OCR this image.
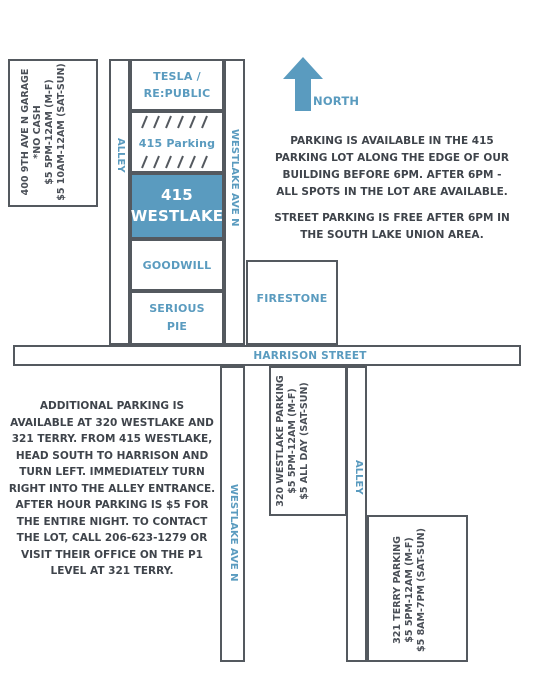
NORTH
400 9TH AVE N GARAGE *NO CASH $5 5PM-12AM (M-F) $5 10AM-12AM (SAT-SUN)	ALLEY
TESLA / RE:PUBLIC
415 Parking
415
WESTLAKE
GOODWILL
SERIOUS
PIE
WESTLAKE AVE N
FIRESTONE
PARKING IS AVAILABLE IN THE 415 PARKING LOT ALONG THE EDGE OF OUR BUILDING BEFORE 6PM. AFTER 6PM - ALL SPOTS IN THE LOT ARE AVAILABLE.
STREET PARKING IS FREE AFTER 6PM IN THE SOUTH LAKE UNION AREA.
HARRISON STREET
ADDITIONAL PARKING IS AVAILABLE AT 320 WESTLAKE AND 321 TERRY. FROM 415 WESTLAKE, HEAD SOUTH TO HARRISON AND TURN LEFT. IMMEDIATELY TURN RIGHT INTO THE ALLEY ENTRANCE. AFTER HOUR PARKING IS $5 FOR THE ENTIRE NIGHT. TO CONTACT THE LOT, CALL 206-623-1279 OR VISIT THEIR OFFICE ON THE P1 LEVEL AT 321 TERRY.	WESTLAKE AVE N
320 WESTLAKE PARKING $5 5PM-12AM (M-F) $5 ALL DAY (SAT-SUN)	ALLEY
321 TERRY PARKING $5 5PM-12AM (M-F) $5 8AM-7PM (SAT-SUN)
